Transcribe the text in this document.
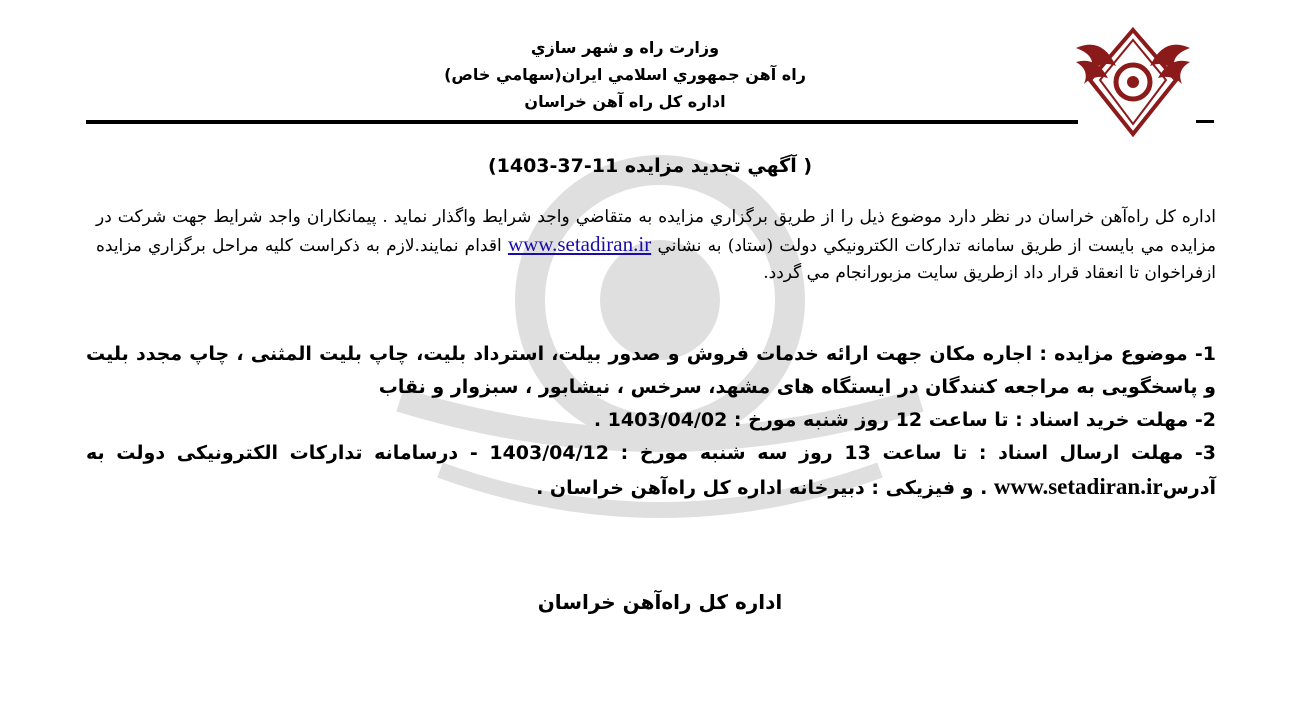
وزارت راه و شهر سازي
راه آهن جمهوري اسلامي ايران(سهامي خاص)
اداره كل راه آهن خراسان
( آگهي تجديد مزايده 11-37-1403)
اداره كل راه‌آهن خراسان در نظر دارد موضوع ذيل را از طريق برگزاري مزايده به متقاضي واجد شرايط واگذار نمايد . پيمانكاران واجد شرايط جهت شركت در مزايده مي بايست از طريق سامانه تداركات الكترونيكي دولت (ستاد) به نشاني www.setadiran.ir اقدام نمايند.لازم به ذكراست كليه مراحل برگزاري مزايده ازفراخوان تا انعقاد قرار داد ازطريق سايت مزبورانجام مي گردد.

1- موضوع مزایده : اجاره مکان جهت ارائه خدمات فروش و صدور بیلت، استرداد بلیت، چاپ بلیت المثنی ، چاپ مجدد بلیت و پاسخگویی به مراجعه کنندگان در ایستگاه های مشهد، سرخس ، نیشابور ، سبزوار و نقاب

2- مهلت خرید اسناد : تا ساعت 12 روز شنبه مورخ : 1403/04/02 .

3- مهلت ارسال اسناد : تا ساعت 13 روز سه شنبه مورخ : 1403/04/12 - درسامانه تدارکات الکترونیکی دولت به آدرسwww.setadiran.ir . و فیزیکی : دبیرخانه اداره کل راه‌آهن خراسان .

اداره كل راه‌آهن خراسان
